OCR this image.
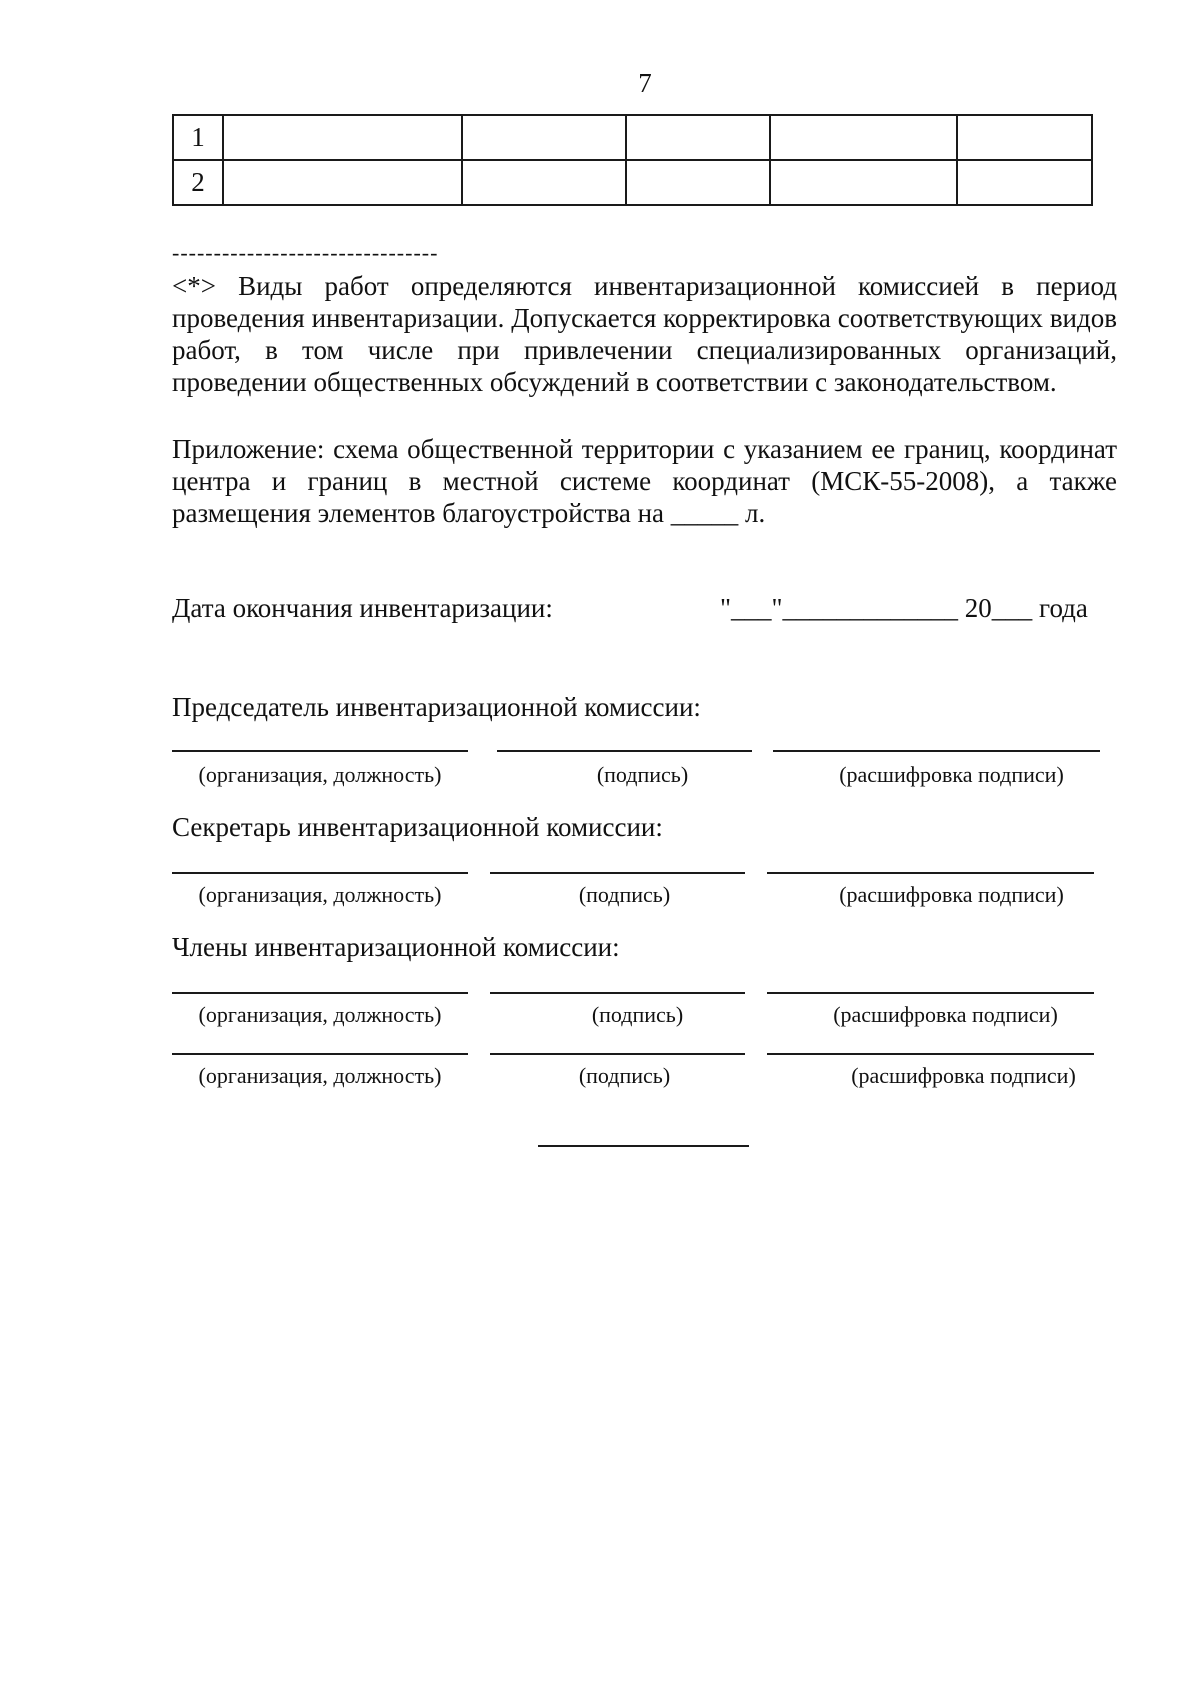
7
1					
2					
--------------------------------
<*> Виды работ определяются инвентаризационной комиссией в период проведения инвентаризации. Допускается корректировка соответствующих видов работ, в том числе при привлечении специализированных организаций, проведении общественных обсуждений в соответствии с законодательством.
Приложение: схема общественной территории с указанием ее границ, координат центра и границ в местной системе координат (МСК-55-2008), а также размещения элементов благоустройства на _____ л.
Дата окончания инвентаризации:	"___"_____________ 20___ года
Председатель инвентаризационной комиссии:
(организация, должность)	(подпись)	(расшифровка подписи)
Секретарь инвентаризационной комиссии:
(организация, должность)	(подпись)	(расшифровка подписи)
Члены инвентаризационной комиссии:
(организация, должность)	(подпись)	(расшифровка подписи)
(организация, должность)	(подпись)	(расшифровка подписи)
